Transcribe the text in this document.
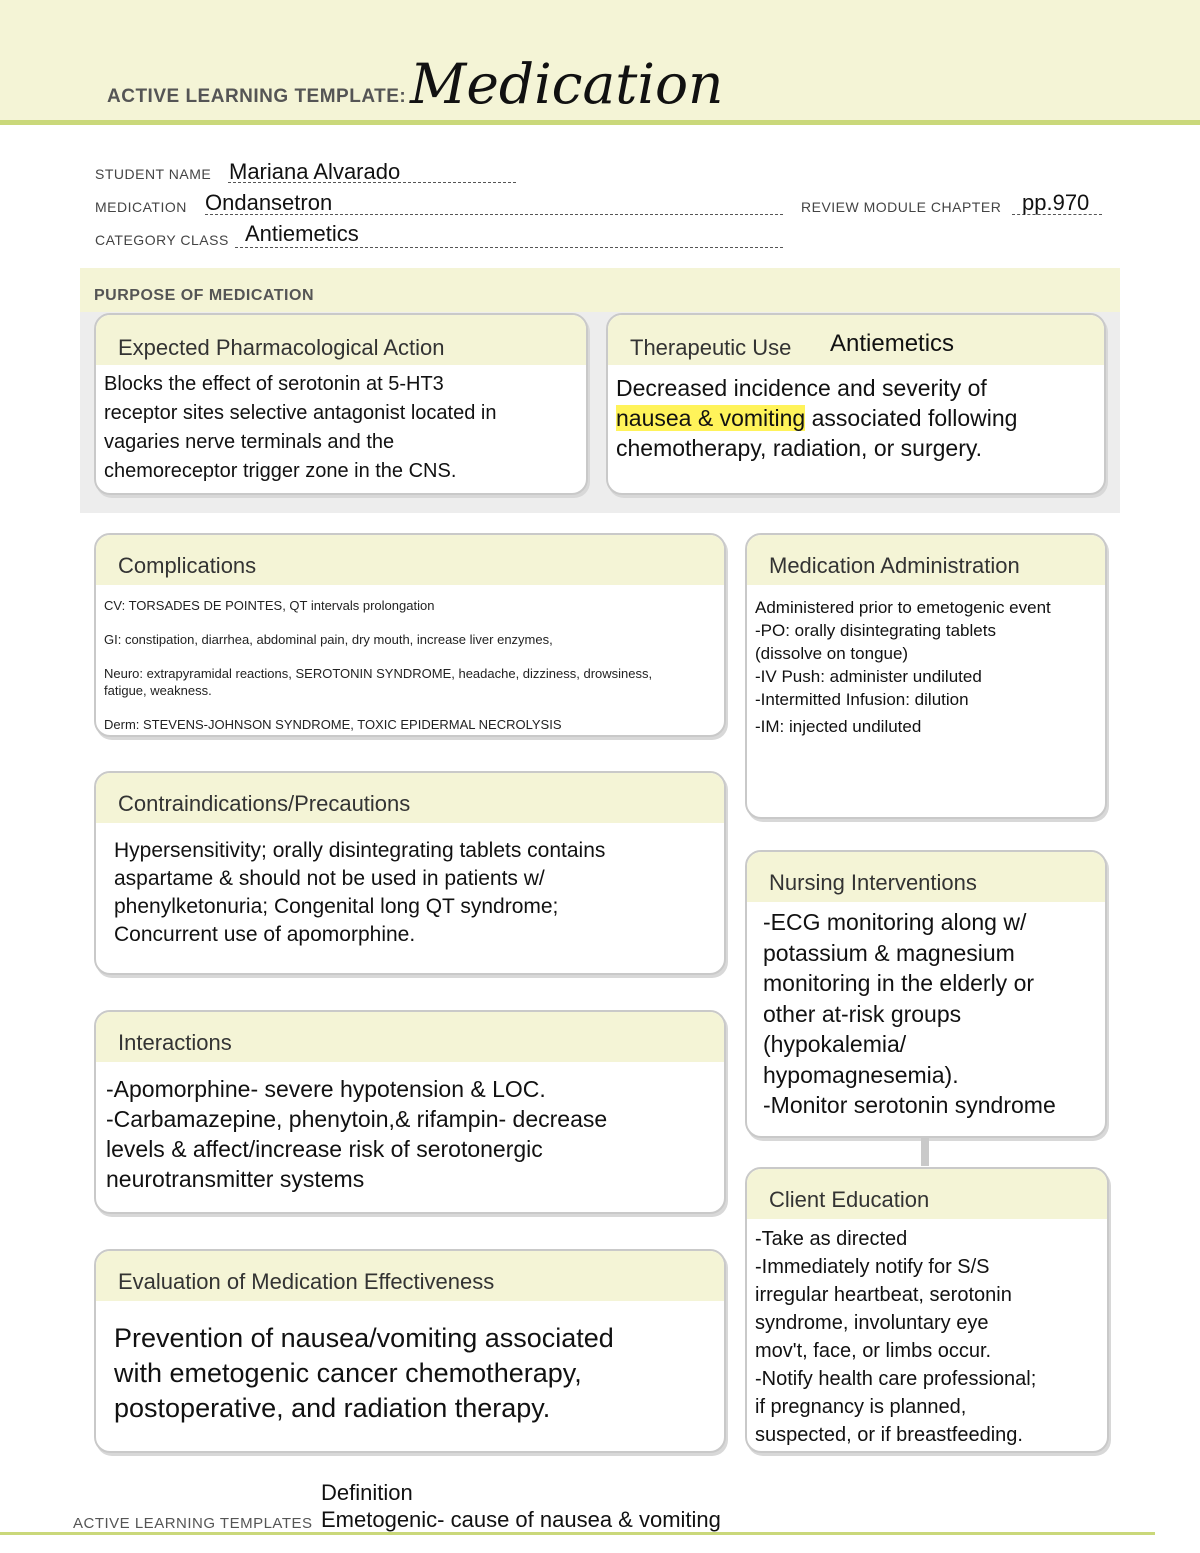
ACTIVE LEARNING TEMPLATE: Medication
STUDENT NAME Mariana Alvarado
MEDICATION Ondansetron	REVIEW MODULE CHAPTER pp.970
CATEGORY CLASS Antiemetics
PURPOSE OF MEDICATION
Expected Pharmacological Action
Blocks the effect of serotonin at 5-HT3
receptor sites selective antagonist located in
vagaries nerve terminals and the
chemoreceptor trigger zone in the CNS.
Therapeutic Use Antiemetics
Decreased incidence and severity of
nausea & vomiting associated following
chemotherapy, radiation, or surgery.
Complications
CV: TORSADES DE POINTES, QT intervals prolongation
GI: constipation, diarrhea, abdominal pain, dry mouth, increase liver enzymes,
Neuro: extrapyramidal reactions, SEROTONIN SYNDROME, headache, dizziness, drowsiness,
fatigue, weakness.
Derm: STEVENS-JOHNSON SYNDROME, TOXIC EPIDERMAL NECROLYSIS
Medication Administration
Administered prior to emetogenic event
-PO: orally disintegrating tablets
(dissolve on tongue)
-IV Push: administer undiluted
-Intermitted Infusion: dilution
-IM: injected undiluted
Contraindications/Precautions
Hypersensitivity; orally disintegrating tablets contains
aspartame & should not be used in patients w/
phenylketonuria; Congenital long QT syndrome;
Concurrent use of apomorphine.
Nursing Interventions
-ECG monitoring along w/
potassium & magnesium
monitoring in the elderly or
other at-risk groups
(hypokalemia/
hypomagnesemia).
-Monitor serotonin syndrome
Interactions
-Apomorphine- severe hypotension & LOC.
-Carbamazepine, phenytoin,& rifampin- decrease
levels & affect/increase risk of serotonergic
neurotransmitter systems
Client Education
-Take as directed
-Immediately notify for S/S
irregular heartbeat, serotonin
syndrome, involuntary eye
mov't, face, or limbs occur.
-Notify health care professional;
if pregnancy is planned,
suspected, or if breastfeeding.
Evaluation of Medication Effectiveness
Prevention of nausea/vomiting associated
with emetogenic cancer chemotherapy,
postoperative, and radiation therapy.
Definition
Emetogenic- cause of nausea & vomiting
ACTIVE LEARNING TEMPLATES
